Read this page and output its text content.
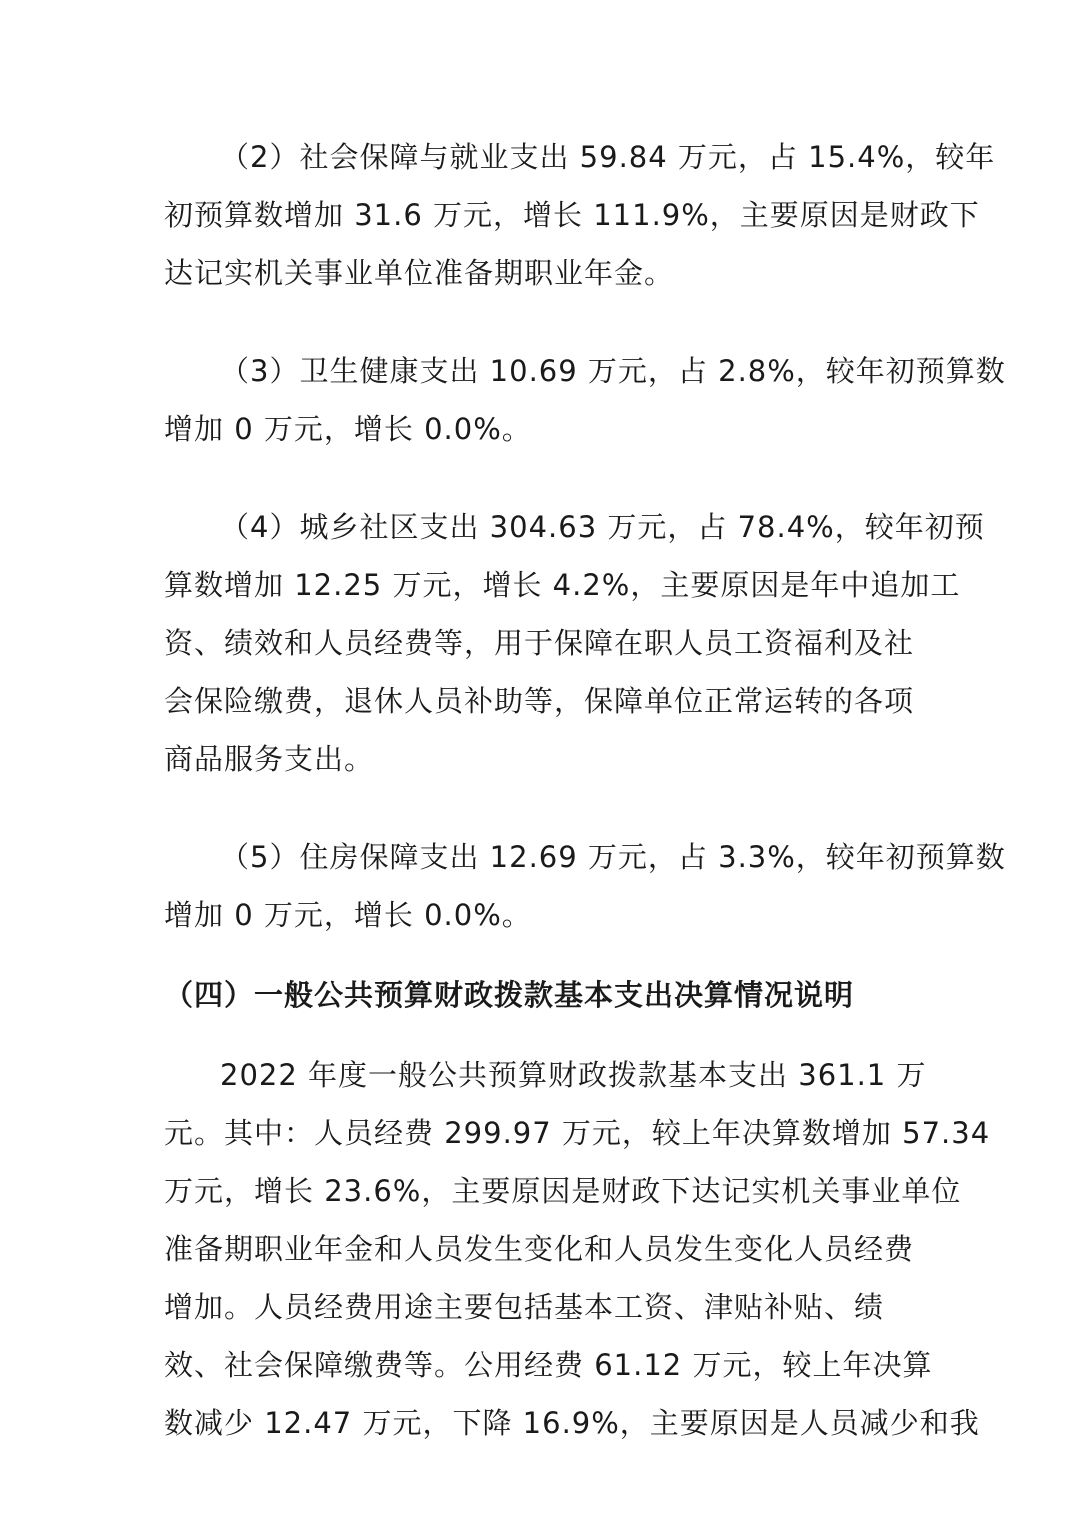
（2）社会保障与就业支出 59.84 万元，占 15.4%，较年
初预算数增加 31.6 万元，增长 111.9%，主要原因是财政下
达记实机关事业单位准备期职业年金。

（3）卫生健康支出 10.69 万元，占 2.8%，较年初预算数
增加 0 万元，增长 0.0%。

（4）城乡社区支出 304.63 万元，占 78.4%，较年初预
算数增加 12.25 万元，增长 4.2%，主要原因是年中追加工
资、绩效和人员经费等，用于保障在职人员工资福利及社
会保险缴费，退休人员补助等，保障单位正常运转的各项
商品服务支出。

（5）住房保障支出 12.69 万元，占 3.3%，较年初预算数
增加 0 万元，增长 0.0%。

（四）一般公共预算财政拨款基本支出决算情况说明

2022 年度一般公共预算财政拨款基本支出 361.1 万
元。其中：人员经费 299.97 万元，较上年决算数增加 57.34
万元，增长 23.6%，主要原因是财政下达记实机关事业单位
准备期职业年金和人员发生变化和人员发生变化人员经费
增加。人员经费用途主要包括基本工资、津贴补贴、绩
效、社会保障缴费等。公用经费 61.12 万元，较上年决算
数减少 12.47 万元，下降 16.9%，主要原因是人员减少和我
